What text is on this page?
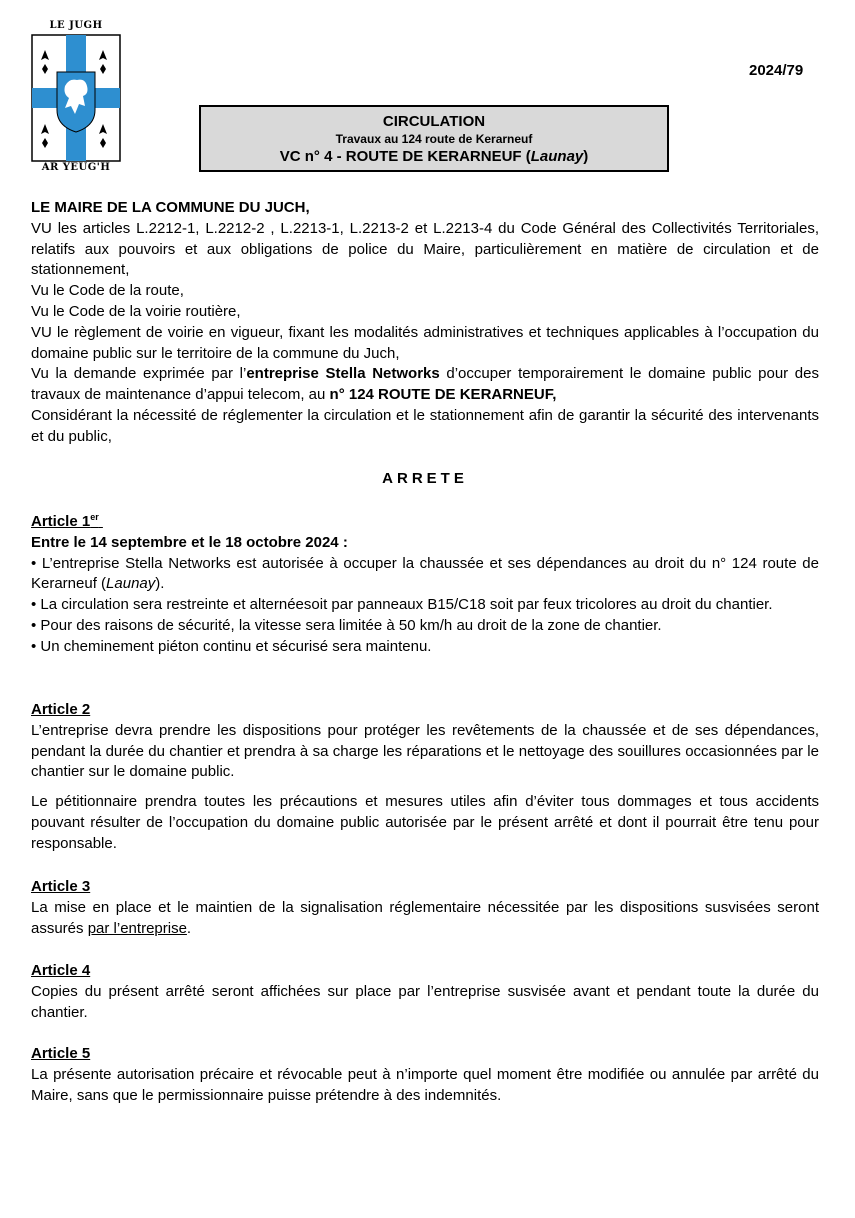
LE JUGH
AR YEUG'H
2024/79
CIRCULATION
Travaux au 124 route de Kerarneuf
VC n° 4 - ROUTE DE KERARNEUF (Launay)

LE MAIRE DE LA COMMUNE DU JUCH,

VU les articles L.2212-1, L.2212-2 , L.2213-1, L.2213-2 et L.2213-4 du Code Général des Collectivités Territoriales, relatifs aux pouvoirs et aux obligations de police du Maire, particulièrement en matière de circulation et de stationnement,

Vu le Code de la route,

Vu le Code de la voirie routière,

VU le règlement de voirie en vigueur, fixant les modalités administratives et techniques applicables à l’occupation du domaine public sur le territoire de la commune du Juch,

Vu la demande exprimée par l’entreprise Stella Networks d’occuper temporairement le domaine public pour des travaux de maintenance d’appui telecom, au n° 124 ROUTE DE KERARNEUF,

Considérant la nécessité de réglementer la circulation et le stationnement afin de garantir la sécurité des intervenants et du public,

ARRETE

Article 1er

Entre le 14 septembre et le 18 octobre 2024 :

• L’entreprise Stella Networks est autorisée à occuper la chaussée et ses dépendances au droit du n° 124 route de Kerarneuf (Launay).

• La circulation sera restreinte et alternéesoit par panneaux B15/C18 soit par feux tricolores au droit du chantier.

• Pour des raisons de sécurité, la vitesse sera limitée à 50 km/h au droit de la zone de chantier.

• Un cheminement piéton continu et sécurisé sera maintenu.

Article 2

L’entreprise devra prendre les dispositions pour protéger les revêtements de la chaussée et de ses dépendances, pendant la durée du chantier et prendra à sa charge les réparations et le nettoyage des souillures occasionnées par le chantier sur le domaine public.

Le pétitionnaire prendra toutes les précautions et mesures utiles afin d’éviter tous dommages et tous accidents pouvant résulter de l’occupation du domaine public autorisée par le présent arrêté et dont il pourrait être tenu pour responsable.

Article 3

La mise en place et le maintien de la signalisation réglementaire nécessitée par les dispositions susvisées seront assurés par l’entreprise.

Article 4

Copies du présent arrêté seront affichées sur place par l’entreprise susvisée avant et pendant toute la durée du chantier.

Article 5

La présente autorisation précaire et révocable peut à n’importe quel moment être modifiée ou annulée par arrêté du Maire, sans que le permissionnaire puisse prétendre à des indemnités.
